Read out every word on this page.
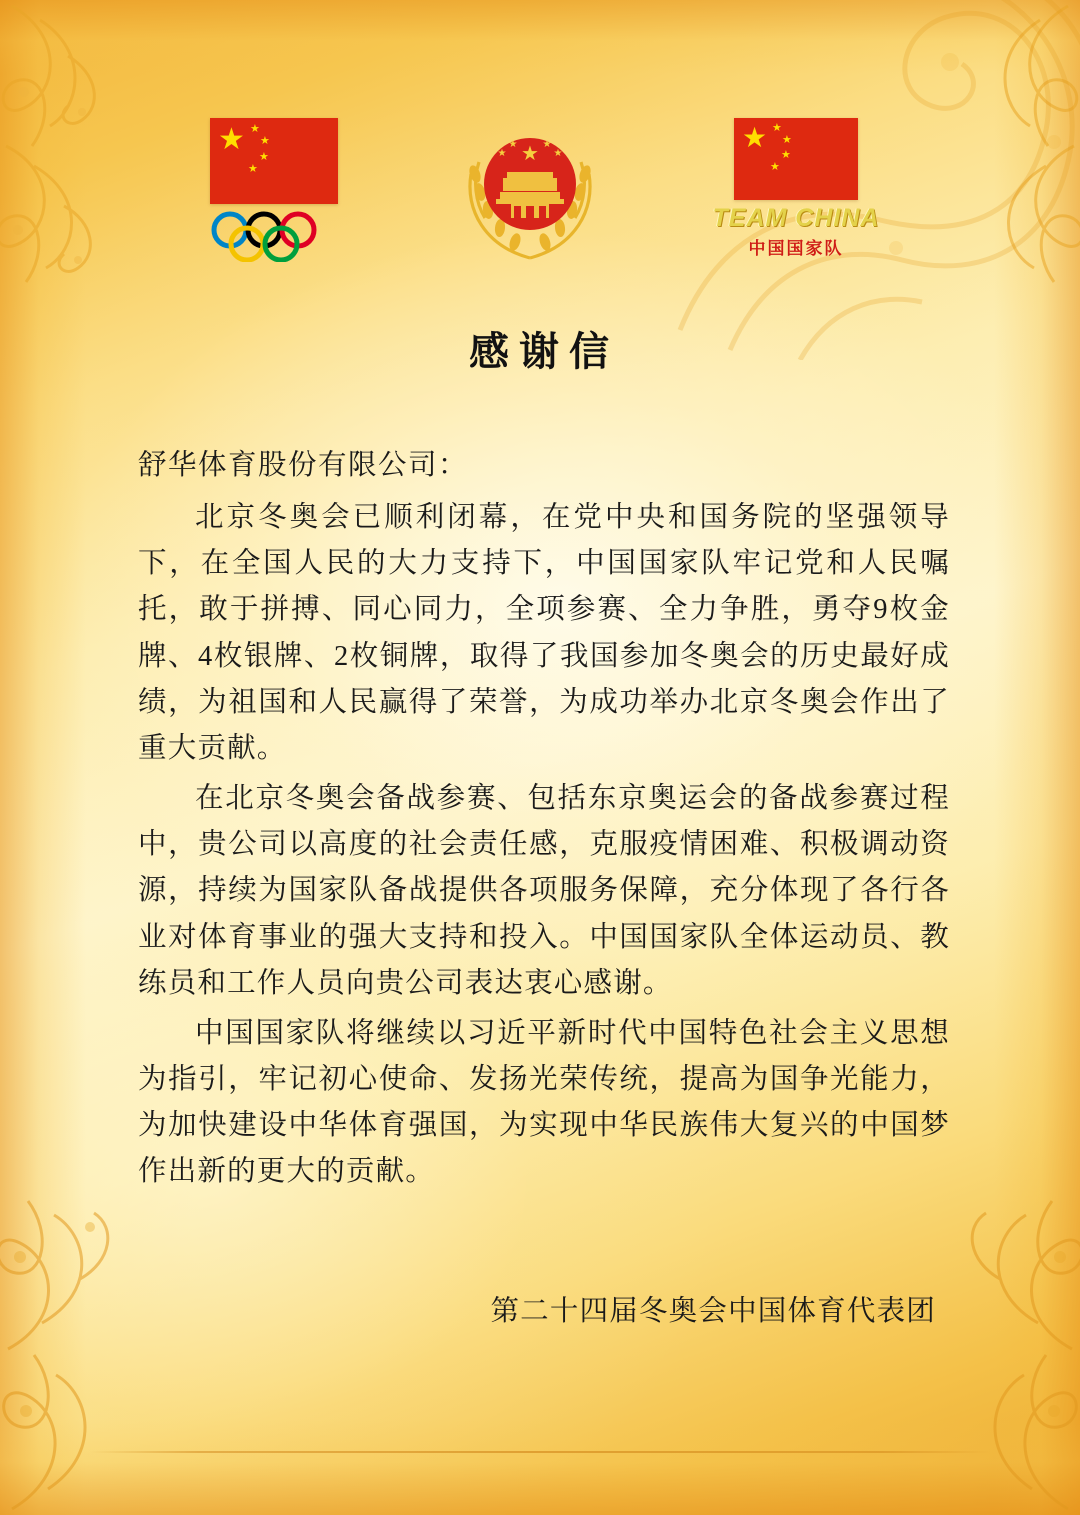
★ ★
★
★
★
★
★
★	★
★	★ ★
★
★
★
TEAM CHINA
中国国家队
感谢信

舒华体育股份有限公司：

北京冬奥会已顺利闭幕，在党中央和国务院的坚强领导下，在全国人民的大力支持下，中国国家队牢记党和人民嘱托，敢于拼搏、同心同力，全项参赛、全力争胜，勇夺9枚金牌、4枚银牌、2枚铜牌，取得了我国参加冬奥会的历史最好成绩，为祖国和人民赢得了荣誉，为成功举办北京冬奥会作出了重大贡献。

在北京冬奥会备战参赛、包括东京奥运会的备战参赛过程中，贵公司以高度的社会责任感，克服疫情困难、积极调动资源，持续为国家队备战提供各项服务保障，充分体现了各行各业对体育事业的强大支持和投入。中国国家队全体运动员、教练员和工作人员向贵公司表达衷心感谢。

中国国家队将继续以习近平新时代中国特色社会主义思想为指引，牢记初心使命、发扬光荣传统，提高为国争光能力，为加快建设中华体育强国，为实现中华民族伟大复兴的中国梦作出新的更大的贡献。

第二十四届冬奥会中国体育代表团
